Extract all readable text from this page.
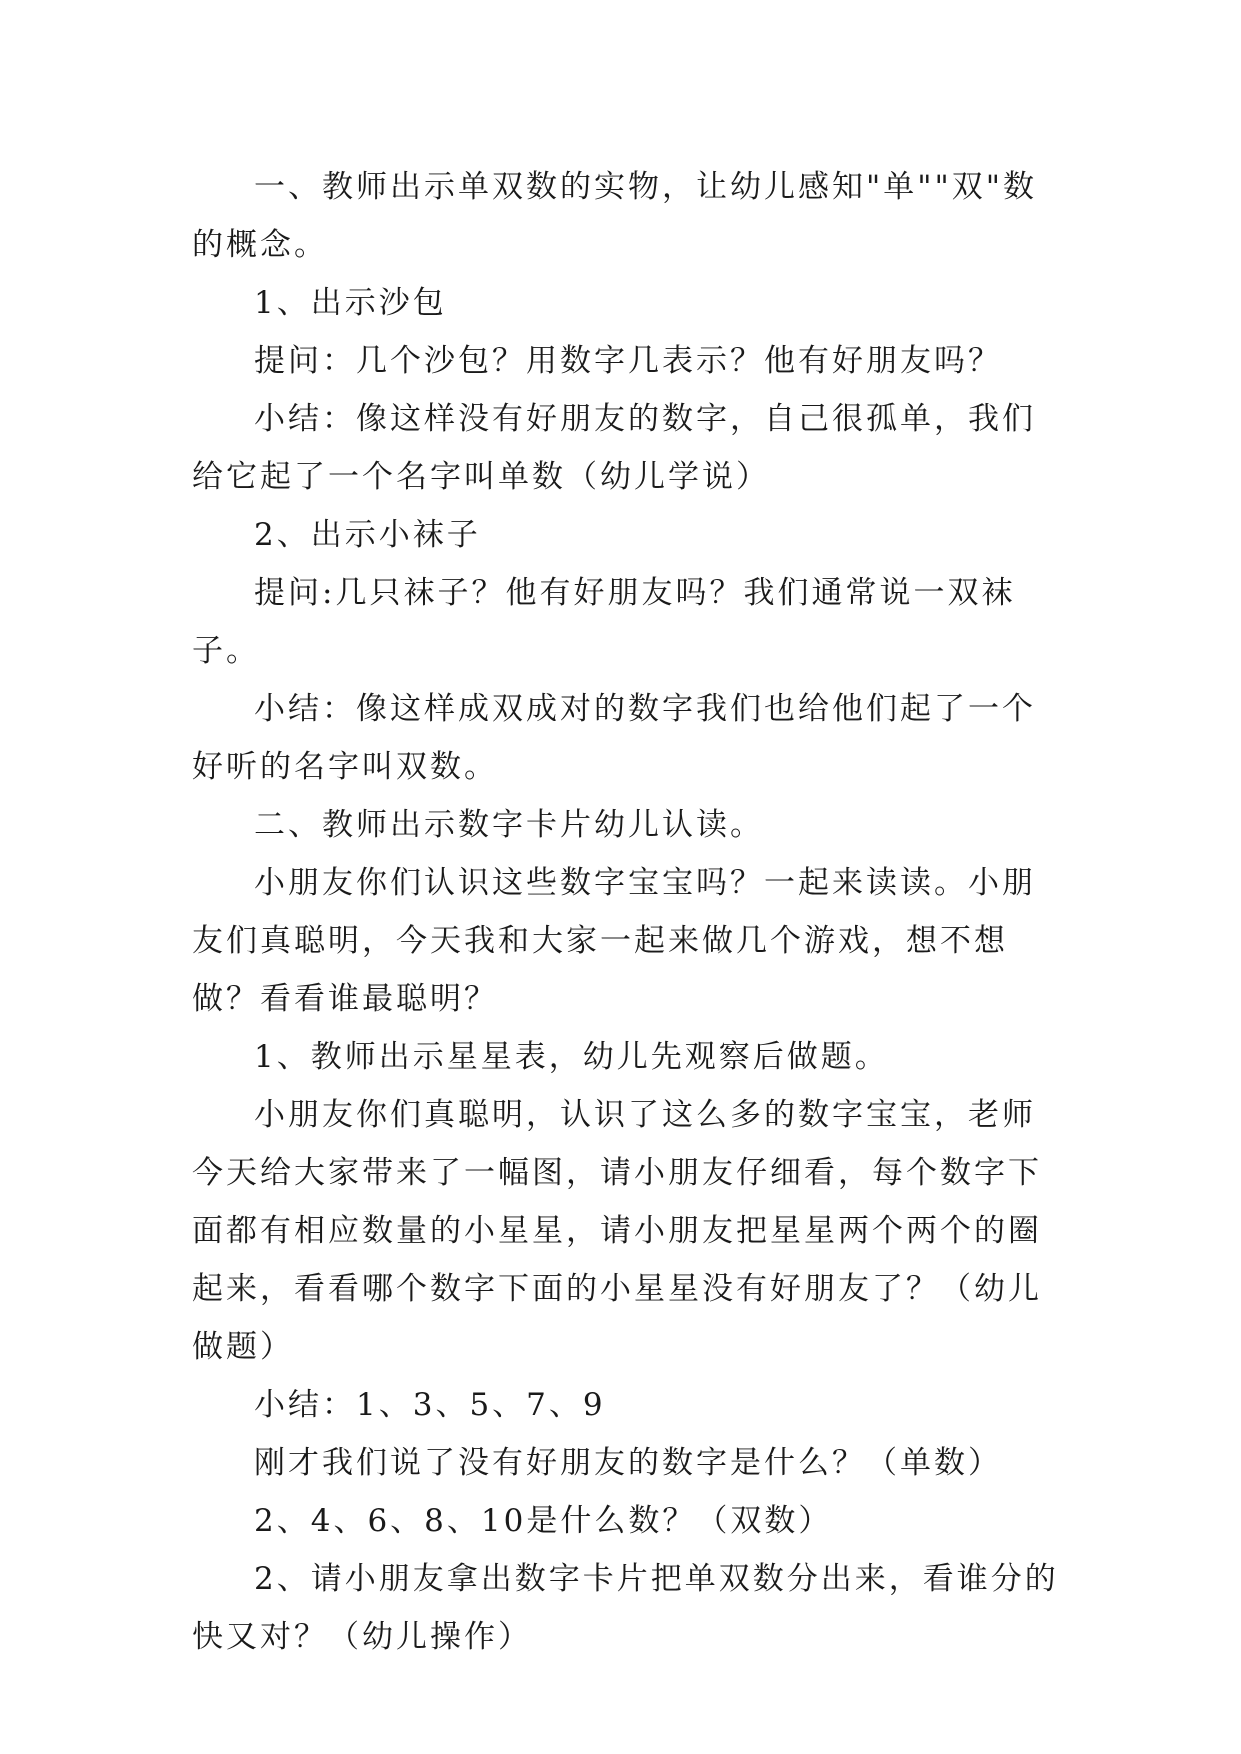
一、教师出示单双数的实物，让幼儿感知"单""双"数的概念。

1、出示沙包

提问：几个沙包？用数字几表示？他有好朋友吗？

小结：像这样没有好朋友的数字，自己很孤单，我们给它起了一个名字叫单数（幼儿学说）

2、出示小袜子

提问:几只袜子？他有好朋友吗？我们通常说一双袜子。

小结：像这样成双成对的数字我们也给他们起了一个好听的名字叫双数。

二、教师出示数字卡片幼儿认读。

小朋友你们认识这些数字宝宝吗？一起来读读。小朋友们真聪明，今天我和大家一起来做几个游戏，想不想做？看看谁最聪明？

1、教师出示星星表，幼儿先观察后做题。

小朋友你们真聪明，认识了这么多的数字宝宝，老师今天给大家带来了一幅图，请小朋友仔细看，每个数字下面都有相应数量的小星星，请小朋友把星星两个两个的圈起来，看看哪个数字下面的小星星没有好朋友了？（幼儿做题）

小结：1、3、5、7、9

刚才我们说了没有好朋友的数字是什么？（单数）

2、4、6、8、10是什么数？（双数）

2、请小朋友拿出数字卡片把单双数分出来，看谁分的快又对？（幼儿操作）
